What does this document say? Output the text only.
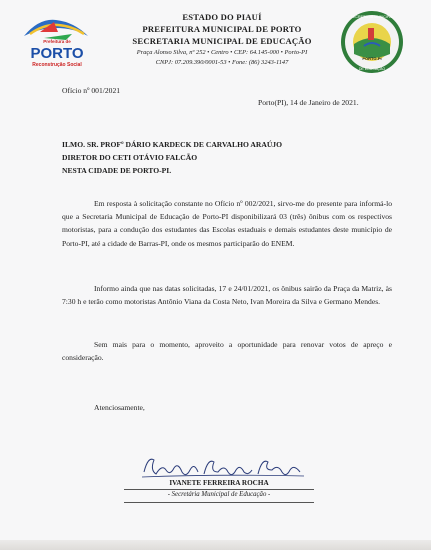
Prefeitura de
PORTO
Reconstrução Social
ESTADO DO PIAUÍ
PREFEITURA MUNICIPAL DE PORTO
SECRETARIA MUNICIPAL DE EDUCAÇÃO
Praça Alonso Silva, nº 252 • Centro • CEP: 64.145-000 • Porto-PI
CNPJ: 07.209.390/0001-53 • Fone: (86) 3243-1147
PORTO-PI
SECRETARIA MUNICIPAL
DE EDUCAÇÃO
Ofício nº 001/2021
Porto(PI), 14 de Janeiro de 2021.
ILMO. SR. PROFº DÁRIO KARDECK DE CARVALHO ARAÚJO
DIRETOR DO CETI OTÁVIO FALCÃO
NESTA CIDADE DE PORTO-PI.
Em resposta à solicitação constante no Ofício nº 002/2021, sirvo-me do presente para informá-lo que a Secretaria Municipal de Educação de Porto-PI disponibilizará 03 (três) ônibus com os respectivos motoristas, para a condução dos estudantes das Escolas estaduais e demais estudantes deste município de Porto-PI, até a cidade de Barras-PI, onde os mesmos participarão do ENEM.
Informo ainda que nas datas solicitadas, 17 e 24/01/2021, os ônibus sairão da Praça da Matriz, às 7:30 h e terão como motoristas Antônio Viana da Costa Neto, Ivan Moreira da Silva e Germano Mendes.
Sem mais para o momento, aproveito a oportunidade para renovar votos de apreço e consideração.
Atenciosamente,
IVANETE FERREIRA ROCHA
- Secretária Municipal de Educação -
